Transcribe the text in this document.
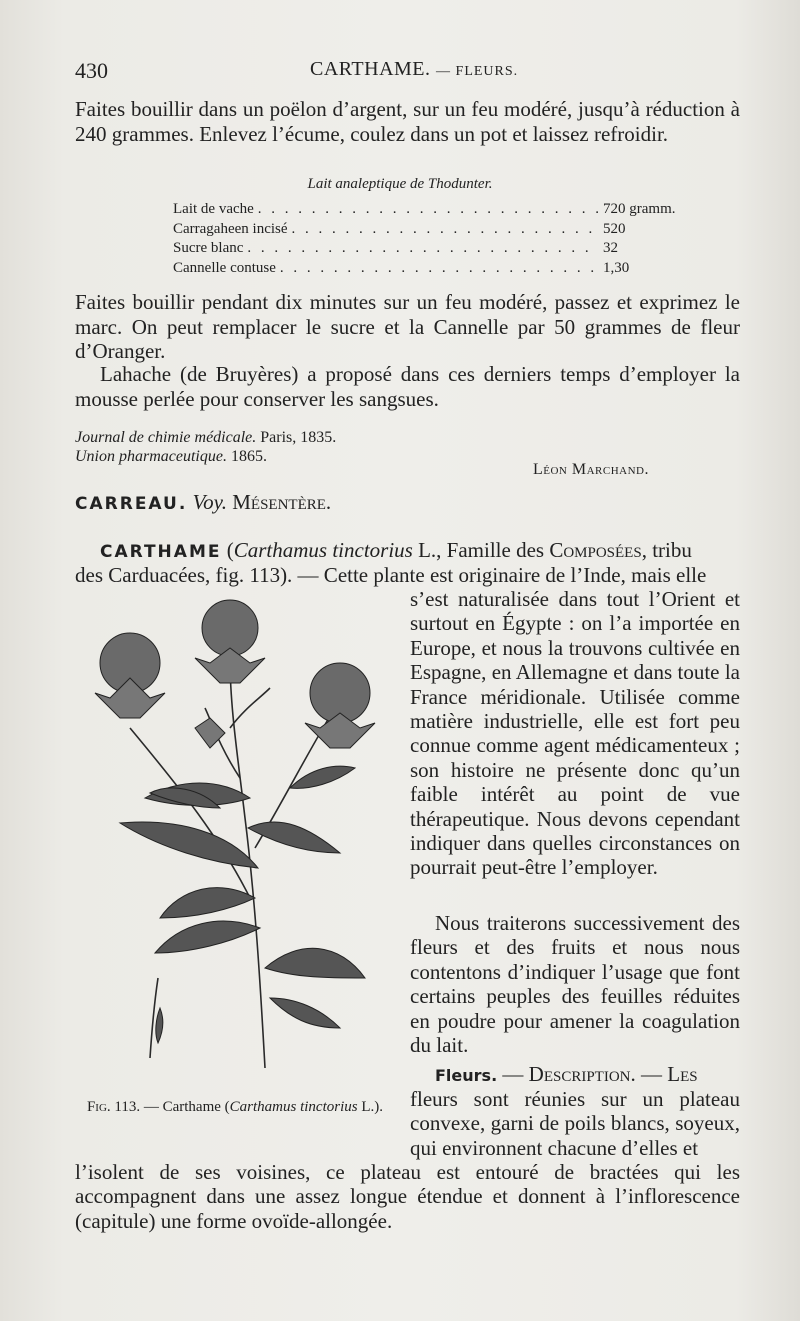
430	CARTHAME. — FLEURS.
Faites bouillir dans un poëlon d’argent, sur un feu modéré, jusqu’à réduction à 240 grammes. Enlevez l’écume, coulez dans un pot et laissez refroidir.
Lait analeptique de Thodunter.
Lait de vache . . .	720 gramm.
Carragaheen incisé . . .	520
Sucre blanc . . .	32
Cannelle contuse . . .	1,30
Faites bouillir pendant dix minutes sur un feu modéré, passez et exprimez le marc. On peut remplacer le sucre et la Cannelle par 50 grammes de fleur d’Oranger.
Lahache (de Bruyères) a proposé dans ces derniers temps d’employer la mousse perlée pour conserver les sangsues.
Journal de chimie médicale. Paris, 1835.
Union pharmaceutique. 1865.
Léon Marchand.
CARREAU. Voy. Mésentère.
CARTHAME (Carthamus tinctorius L., Famille des Composées, tribu
des Carduacées, fig. 113). — Cette plante est originaire de l’Inde, mais elle
Fig. 113. — Carthame (Carthamus tinctorius L.).
s’est naturalisée dans tout l’Orient et surtout en Égypte : on l’a importée en Europe, et nous la trouvons cultivée en Espagne, en Allemagne et dans toute la France méridionale. Utilisée comme matière industrielle, elle est fort peu connue comme agent médicamenteux ; son histoire ne présente donc qu’un faible intérêt au point de vue thérapeutique. Nous devons cependant indiquer dans quelles circonstances on pourrait peut-être l’employer.
Nous traiterons successivement des fleurs et des fruits et nous nous contentons d’indiquer l’usage que font certains peuples des feuilles réduites en poudre pour amener la coagulation du lait.
Fleurs. — Description. — Les
fleurs sont réunies sur un plateau convexe, garni de poils blancs, soyeux, qui environnent chacune d’elles et
l’isolent de ses voisines, ce plateau est entouré de bractées qui les accompagnent dans une assez longue étendue et donnent à l’inflorescence (capitule) une forme ovoïde-allongée.
